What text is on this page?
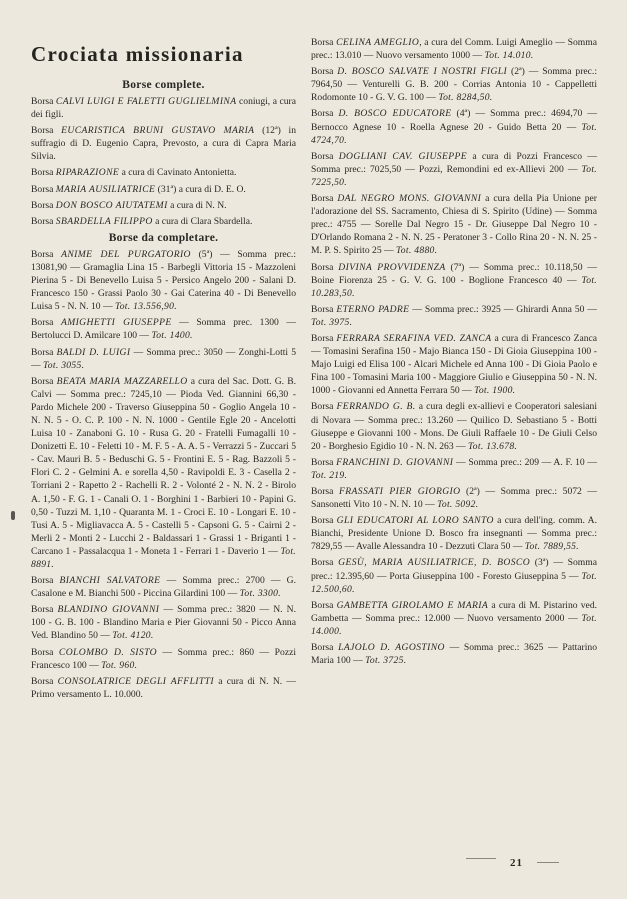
Crociata missionaria
Borse complete.

Borsa CALVI LUIGI E FALETTI GUGLIELMINA coniugi, a cura dei figli.

Borsa EUCARISTICA BRUNI GUSTAVO MARIA (12ª) in suffragio di D. Eugenio Capra, Prevosto, a cura di Capra Maria Silvia.

Borsa RIPARAZIONE a cura di Cavinato Antonietta.

Borsa MARIA AUSILIATRICE (31ª) a cura di D. E. O.

Borsa DON BOSCO AIUTATEMI a cura di N. N.

Borsa SBARDELLA FILIPPO a cura di Clara Sbardella.

Borse da completare.

Borsa ANIME DEL PURGATORIO (5ª) — Somma prec.: 13081,90 — Gramaglia Lina 15 - Barbegli Vittoria 15 - Mazzoleni Pierina 5 - Di Benevello Luisa 5 - Persico Angelo 200 - Salani D. Francesco 150 - Grassi Paolo 30 - Gai Caterina 40 - Di Benevello Luisa 5 - N. N. 10 — Tot. 13.556,90.

Borsa AMIGHETTI GIUSEPPE — Somma prec. 1300 — Bertolucci D. Amilcare 100 — Tot. 1400.

Borsa BALDI D. LUIGI — Somma prec.: 3050 — Zonghi-Lotti 5 — Tot. 3055.

Borsa BEATA MARIA MAZZARELLO a cura del Sac. Dott. G. B. Calvi — Somma prec.: 7245,10 — Pioda Ved. Giannini 66,30 - Pardo Michele 200 - Traverso Giuseppina 50 - Goglio Angela 10 - N. N. 5 - O. C. P. 100 - N. N. 1000 - Gentile Egle 20 - Ancelotti Luisa 10 - Zanaboni G. 10 - Rusa G. 20 - Fratelli Fumagalli 10 - Donizetti E. 10 - Feletti 10 - M. F. 5 - A. A. 5 - Verrazzi 5 - Zuccari 5 - Cav. Mauri B. 5 - Beduschi G. 5 - Frontini E. 5 - Rag. Bazzoli 5 - Flori C. 2 - Gelmini A. e sorella 4,50 - Ravipoldi E. 3 - Casella 2 - Torriani 2 - Rapetto 2 - Rachelli R. 2 - Volonté 2 - N. N. 2 - Birolo A. 1,50 - F. G. 1 - Canali O. 1 - Borghini 1 - Barbieri 10 - Papini G. 0,50 - Tuzzi M. 1,10 - Quaranta M. 1 - Croci E. 10 - Longari E. 10 - Tusi A. 5 - Migliavacca A. 5 - Castelli 5 - Capsoni G. 5 - Cairni 2 - Merli 2 - Monti 2 - Lucchi 2 - Baldassari 1 - Grassi 1 - Briganti 1 - Carcano 1 - Passalacqua 1 - Moneta 1 - Ferrari 1 - Daverio 1 — Tot. 8891.

Borsa BIANCHI SALVATORE — Somma prec.: 2700 — G. Casalone e M. Bianchi 500 - Piccina Gilardini 100 — Tot. 3300.

Borsa BLANDINO GIOVANNI — Somma prec.: 3820 — N. N. 100 - G. B. 100 - Blandino Maria e Pier Giovanni 50 - Picco Anna Ved. Blandino 50 — Tot. 4120.

Borsa COLOMBO D. SISTO — Somma prec.: 860 — Pozzi Francesco 100 — Tot. 960.

Borsa CONSOLATRICE DEGLI AFFLITTI a cura di N. N. — Primo versamento L. 10.000.

Borsa CELINA AMEGLIO, a cura del Comm. Luigi Ameglio — Somma prec.: 13.010 — Nuovo versamento 1000 — Tot. 14.010.

Borsa D. BOSCO SALVATE I NOSTRI FIGLI (2ª) — Somma prec.: 7964,50 — Venturelli G. B. 200 - Corrias Antonia 10 - Cappelletti Rodomonte 10 - G. V. G. 100 — Tot. 8284,50.

Borsa D. BOSCO EDUCATORE (4ª) — Somma prec.: 4694,70 — Bernocco Agnese 10 - Roella Agnese 20 - Guido Betta 20 — Tot. 4724,70.

Borsa DOGLIANI CAV. GIUSEPPE a cura di Pozzi Francesco — Somma prec.: 7025,50 — Pozzi, Remondini ed ex-Allievi 200 — Tot. 7225,50.

Borsa DAL NEGRO MONS. GIOVANNI a cura della Pia Unione per l'adorazione del SS. Sacramento, Chiesa di S. Spirito (Udine) — Somma prec.: 4755 — Sorelle Dal Negro 15 - Dr. Giuseppe Dal Negro 10 - D'Orlando Romana 2 - N. N. 25 - Peratoner 3 - Collo Rina 20 - N. N. 25 - M. P. S. Spirito 25 — Tot. 4880.

Borsa DIVINA PROVVIDENZA (7ª) — Somma prec.: 10.118,50 — Boine Fiorenza 25 - G. V. G. 100 - Boglione Francesco 40 — Tot. 10.283,50.

Borsa ETERNO PADRE — Somma prec.: 3925 — Ghirardi Anna 50 — Tot. 3975.

Borsa FERRARA SERAFINA VED. ZANCA a cura di Francesco Zanca — Tomasini Serafina 150 - Majo Bianca 150 - Di Gioia Giuseppina 100 - Majo Luigi ed Elisa 100 - Alcari Michele ed Anna 100 - Di Gioia Paolo e Fina 100 - Tomasini Maria 100 - Maggiore Giulio e Giuseppina 50 - N. N. 1000 - Giovanni ed Annetta Ferrara 50 — Tot. 1900.

Borsa FERRANDO G. B. a cura degli ex-allievi e Cooperatori salesiani di Novara — Somma prec.: 13.260 — Quilico D. Sebastiano 5 - Botti Giuseppe e Giovanni 100 - Mons. De Giuli Raffaele 10 - De Giuli Celso 20 - Borghesio Egidio 10 - N. N. 263 — Tot. 13.678.

Borsa FRANCHINI D. GIOVANNI — Somma prec.: 209 — A. F. 10 — Tot. 219.

Borsa FRASSATI PIER GIORGIO (2ª) — Somma prec.: 5072 — Sansonetti Vito 10 - N. N. 10 — Tot. 5092.

Borsa GLI EDUCATORI AL LORO SANTO a cura dell'ing. comm. A. Bianchi, Presidente Unione D. Bosco fra insegnanti — Somma prec.: 7829,55 — Avalle Alessandra 10 - Dezzuti Clara 50 — Tot. 7889,55.

Borsa GESÙ, MARIA AUSILIATRICE, D. BOSCO (3ª) — Somma prec.: 12.395,60 — Porta Giuseppina 100 - Foresto Giuseppina 5 — Tot. 12.500,60.

Borsa GAMBETTA GIROLAMO E MARIA a cura di M. Pistarino ved. Gambetta — Somma prec.: 12.000 — Nuovo versamento 2000 — Tot. 14.000.

Borsa LAJOLO D. AGOSTINO — Somma prec.: 3625 — Pattarino Maria 100 — Tot. 3725.

21
